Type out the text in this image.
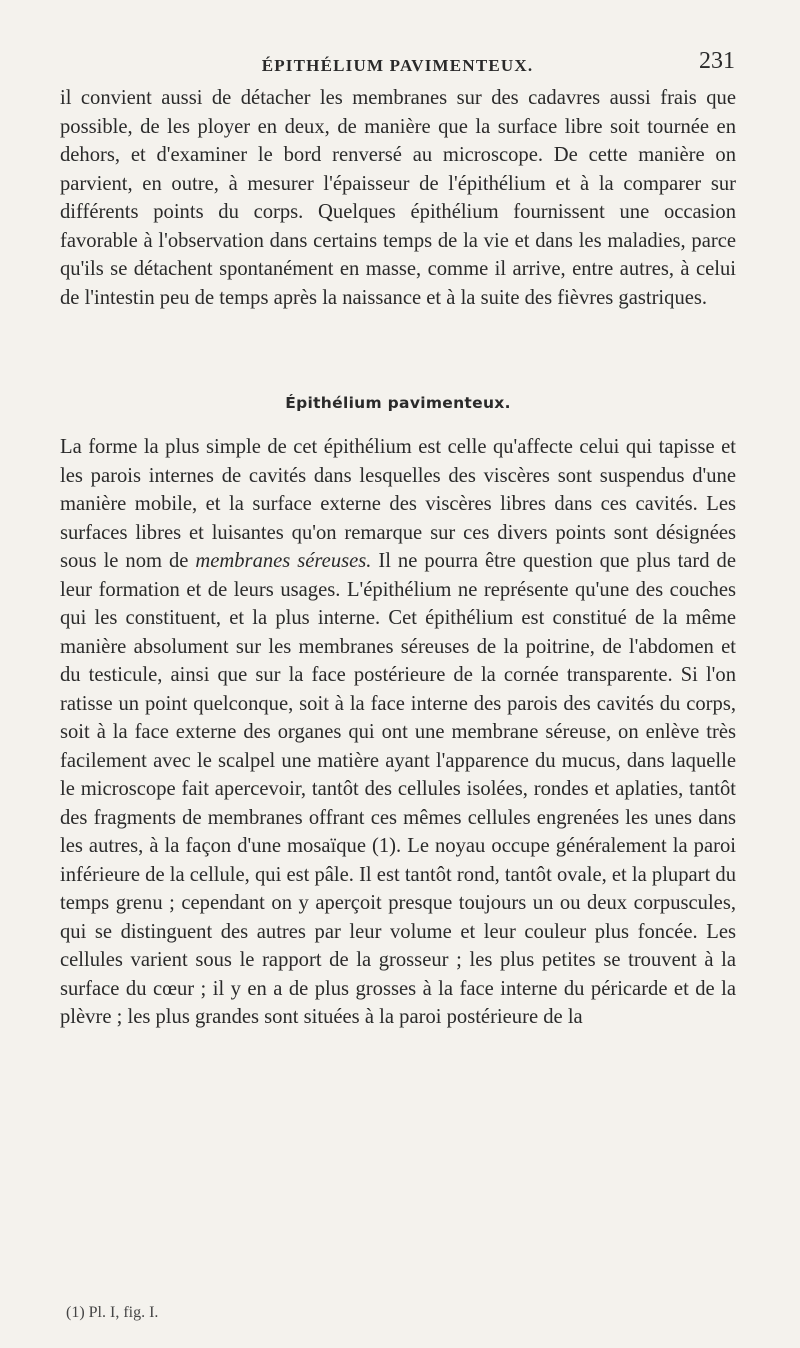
ÉPITHÉLIUM PAVIMENTEUX.	231

il convient aussi de détacher les membranes sur des cadavres aussi frais que possible, de les ployer en deux, de manière que la surface libre soit tournée en dehors, et d'examiner le bord renversé au microscope. De cette manière on parvient, en outre, à mesurer l'épaisseur de l'épithélium et à la comparer sur différents points du corps. Quelques épithélium fournissent une occasion favorable à l'observation dans certains temps de la vie et dans les maladies, parce qu'ils se détachent spontanément en masse, comme il arrive, entre autres, à celui de l'intestin peu de temps après la naissance et à la suite des fièvres gastriques.

Épithélium pavimenteux.

La forme la plus simple de cet épithélium est celle qu'affecte celui qui tapisse et les parois internes de cavités dans lesquelles des viscères sont suspendus d'une manière mobile, et la surface externe des viscères libres dans ces cavités. Les surfaces libres et luisantes qu'on remarque sur ces divers points sont désignées sous le nom de membranes séreuses. Il ne pourra être question que plus tard de leur formation et de leurs usages. L'épithélium ne représente qu'une des couches qui les constituent, et la plus interne. Cet épithélium est constitué de la même manière absolument sur les membranes séreuses de la poitrine, de l'abdomen et du testicule, ainsi que sur la face postérieure de la cornée transparente. Si l'on ratisse un point quelconque, soit à la face interne des parois des cavités du corps, soit à la face externe des organes qui ont une membrane séreuse, on enlève très facilement avec le scalpel une matière ayant l'apparence du mucus, dans laquelle le microscope fait apercevoir, tantôt des cellules isolées, rondes et aplaties, tantôt des fragments de membranes offrant ces mêmes cellules engrenées les unes dans les autres, à la façon d'une mosaïque (1). Le noyau occupe généralement la paroi inférieure de la cellule, qui est pâle. Il est tantôt rond, tantôt ovale, et la plupart du temps grenu ; cependant on y aperçoit presque toujours un ou deux corpuscules, qui se distinguent des autres par leur volume et leur couleur plus foncée. Les cellules varient sous le rapport de la grosseur ; les plus petites se trouvent à la surface du cœur ; il y en a de plus grosses à la face interne du péricarde et de la plèvre ; les plus grandes sont situées à la paroi postérieure de la

(1) Pl. I, fig. I.
